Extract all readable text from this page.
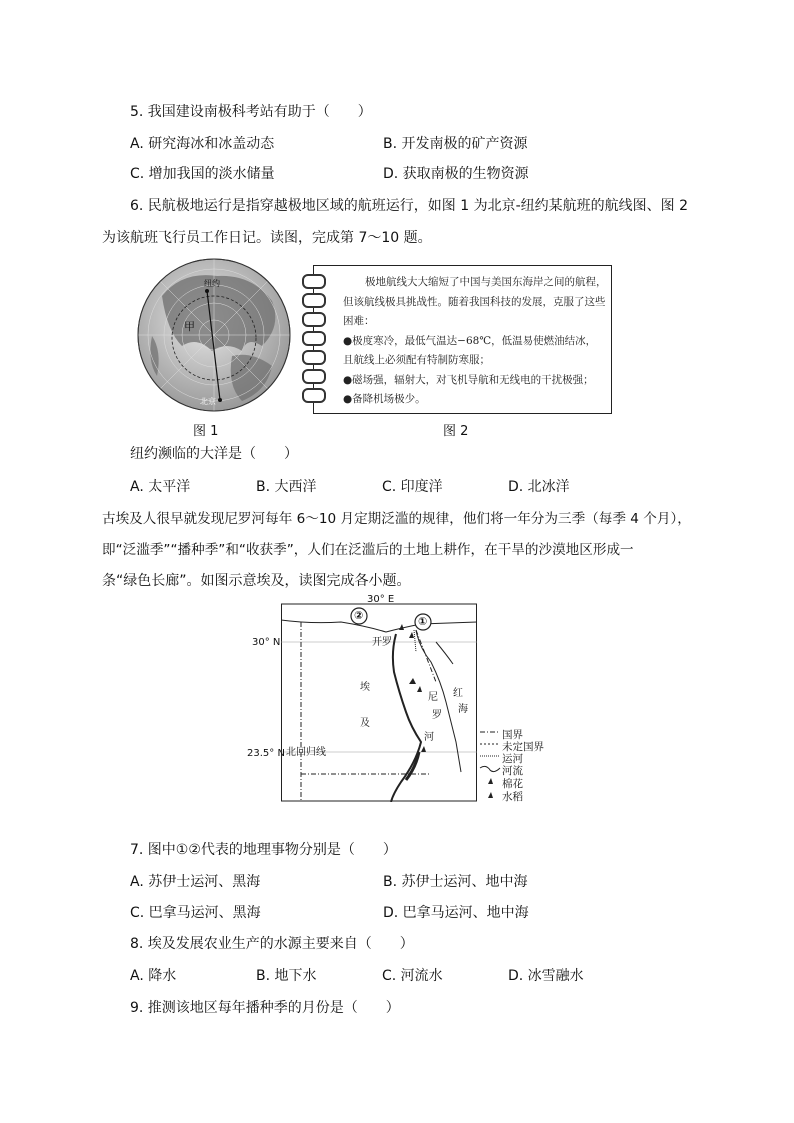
5. 我国建设南极科考站有助于（　　）
A. 研究海冰和冰盖动态	B. 开发南极的矿产资源
C. 增加我国的淡水储量	D. 获取南极的生物资源
6. 民航极地运行是指穿越极地区域的航班运行，如图 1 为北京-纽约某航班的航线图、图 2
为该航班飞行员工作日记。读图，完成第 7～10 题。
纽约
甲
北京
极地航线大大缩短了中国与美国东海岸之间的航程，
但该航线极具挑战性。随着我国科技的发展，克服了这些
困难：
●极度寒冷，最低气温达−68℃，低温易使燃油结冰，
且航线上必须配有特制防寒服；
●磁场强，辐射大，对飞机导航和无线电的干扰极强；
●备降机场极少。
图 1	图 2
纽约濒临的大洋是（　　）
A. 太平洋	B. 大西洋	C. 印度洋	D. 北冰洋
古埃及人很早就发现尼罗河每年 6～10 月定期泛滥的规律，他们将一年分为三季（每季 4 个月），
即“泛滥季”“播种季”和“收获季”，人们在泛滥后的土地上耕作，在干旱的沙漠地区形成一
条“绿色长廊”。如图示意埃及，读图完成各小题。
30° E
30° N
23.5° N 北回归线
②	①
开罗
埃
及
尼
罗
河
红
海
国界
未定国界
运河
河流
棉花
水稻
7. 图中①②代表的地理事物分别是（　　）
A. 苏伊士运河、黑海	B. 苏伊士运河、地中海
C. 巴拿马运河、黑海	D. 巴拿马运河、地中海
8. 埃及发展农业生产的水源主要来自（　　）
A. 降水	B. 地下水	C. 河流水	D. 冰雪融水
9. 推测该地区每年播种季的月份是（　　）
